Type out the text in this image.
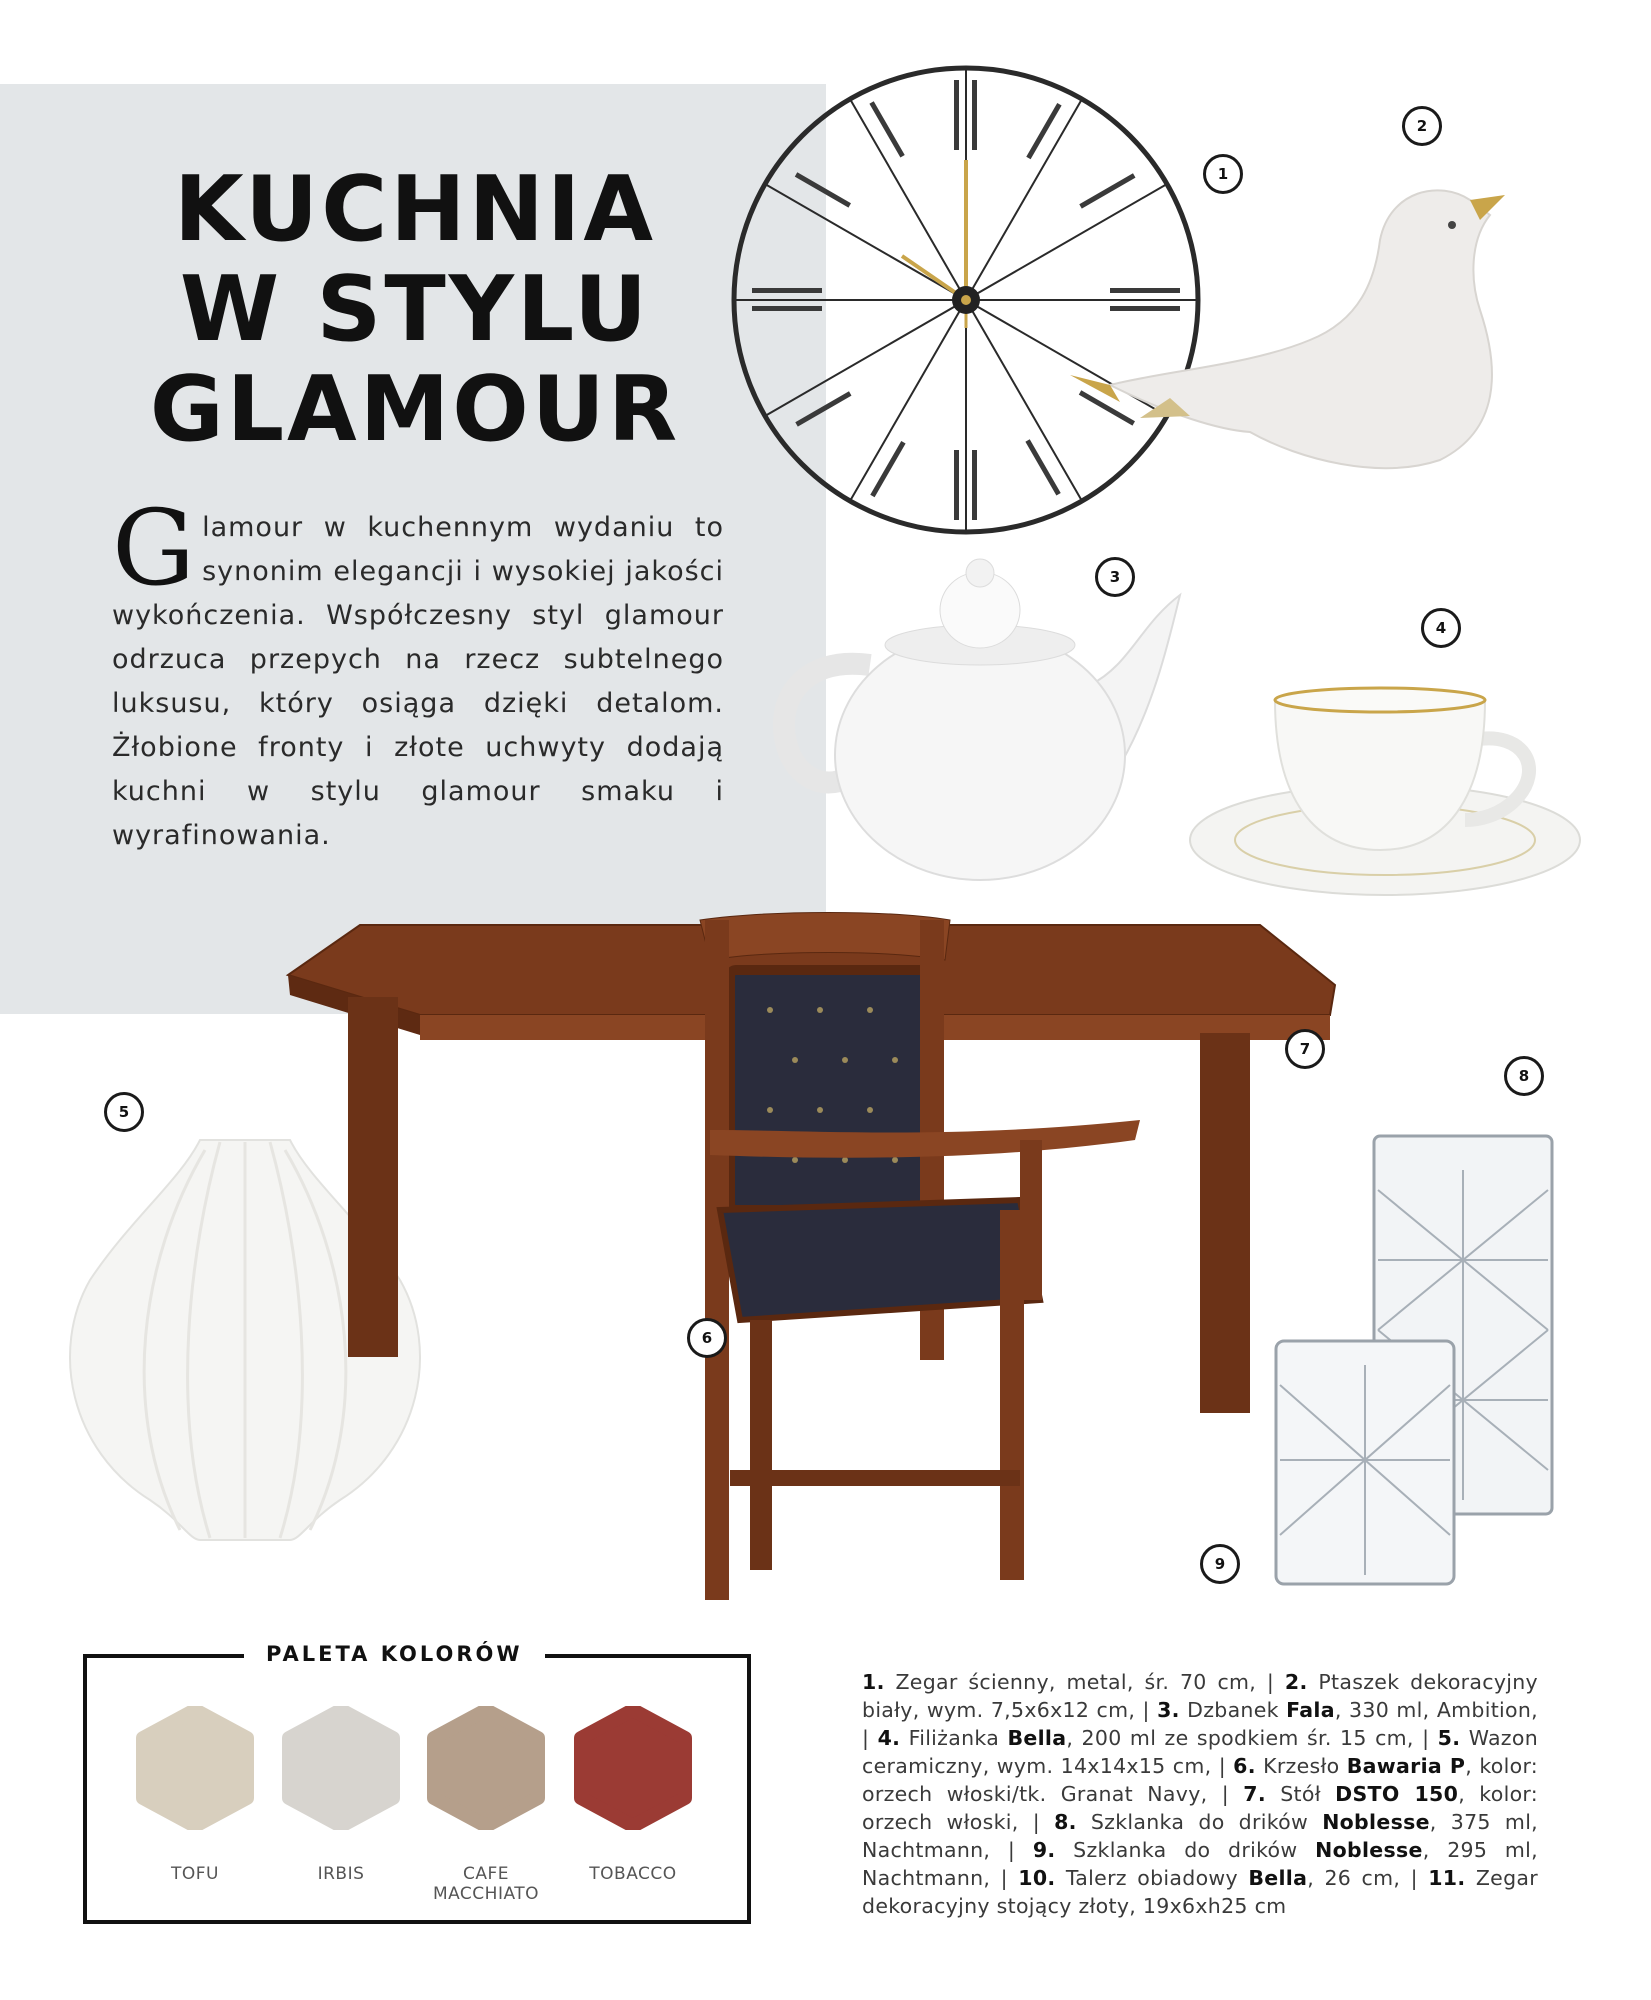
KUCHNIA
W STYLU
GLAMOUR
Glamour w kuchennym wydaniu to synonim elegancji i wysokiej jakości wykończenia. Współczesny styl glamour odrzuca przepych na rzecz subtelnego luksusu, który osiąga dzięki detalom. Żłobione fronty i złote uchwyty dodają kuchni w stylu glamour smaku i wyrafinowania.
1
2
3
4
5
6
7
8
9
PALETA KOLORÓW
TOFU	IRBIS	CAFE MACCHIATO
TOBACCO
1. Zegar ścienny, metal, śr. 70 cm, | 2. Ptaszek dekoracyjny biały, wym. 7,5x6x12 cm, | 3. Dzbanek Fala, 330 ml, Ambition, | 4. Filiżanka Bella, 200 ml ze spodkiem śr. 15 cm, | 5. Wazon ceramiczny, wym. 14x14x15 cm, | 6. Krzesło Bawaria P, kolor: orzech włoski/tk. Granat Navy, | 7. Stół DSTO 150, kolor: orzech włoski, | 8. Szklanka do drików Noblesse, 375 ml, Nachtmann, | 9. Szklanka do drików Noblesse, 295 ml, Nachtmann, | 10. Talerz obiadowy Bella, 26 cm, | 11. Zegar dekoracyjny stojący złoty, 19x6xh25 cm
